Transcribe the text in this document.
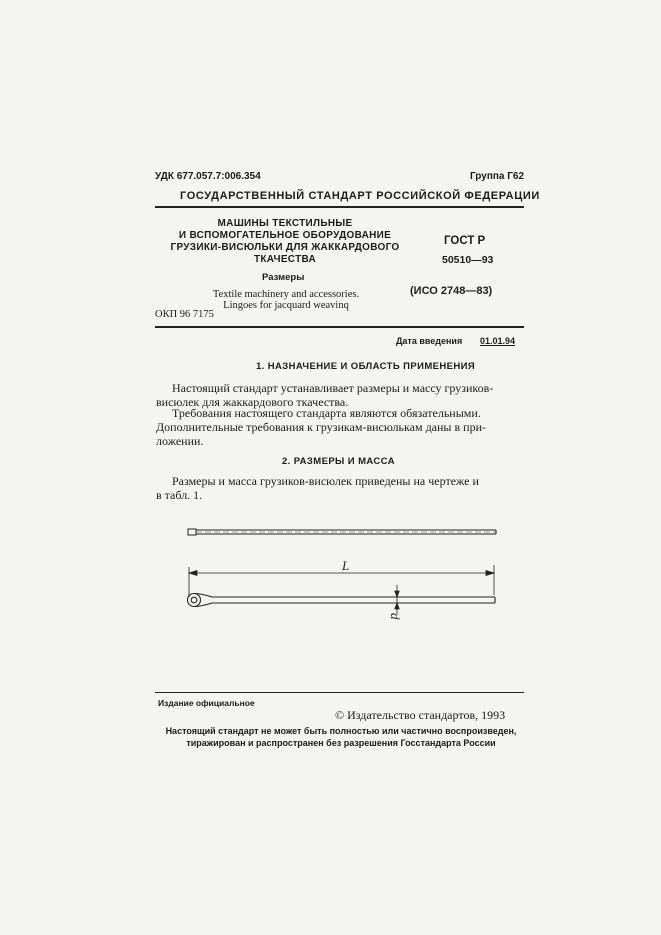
УДК 677.057.7:006.354	Группа Г62
ГОСУДАРСТВЕННЫЙ СТАНДАРТ РОССИЙСКОЙ ФЕДЕРАЦИИ
МАШИНЫ ТЕКСТИЛЬНЫЕ
И ВСПОМОГАТЕЛЬНОЕ ОБОРУДОВАНИЕ
ГРУЗИКИ-ВИСЮЛЬКИ ДЛЯ ЖАККАРДОВОГО
ТКАЧЕСТВА
Размеры
Textile machinery and accessories.
Lingoes for jacquard weavinq
ОКП 96 7175
ГОСТ Р
50510—93
(ИСО 2748—83)
Дата введения 01.01.94
1. НАЗНАЧЕНИЕ И ОБЛАСТЬ ПРИМЕНЕНИЯ
Настоящий стандарт устанавливает размеры и массу грузиков-
висюлек для жаккардового ткачества.
Требования настоящего стандарта являются обязательными.
Дополнительные требования к грузикам-висюлькам даны в при-
ложении.
2. РАЗМЕРЫ И МАССА
Размеры и масса грузиков-висюлек приведены на чертеже и
в табл. 1.
L
d
Издание официальное
© Издательство стандартов, 1993
Настоящий стандарт не может быть полностью или частично воспроизведен,
тиражирован и распространен без разрешения Госстандарта России
